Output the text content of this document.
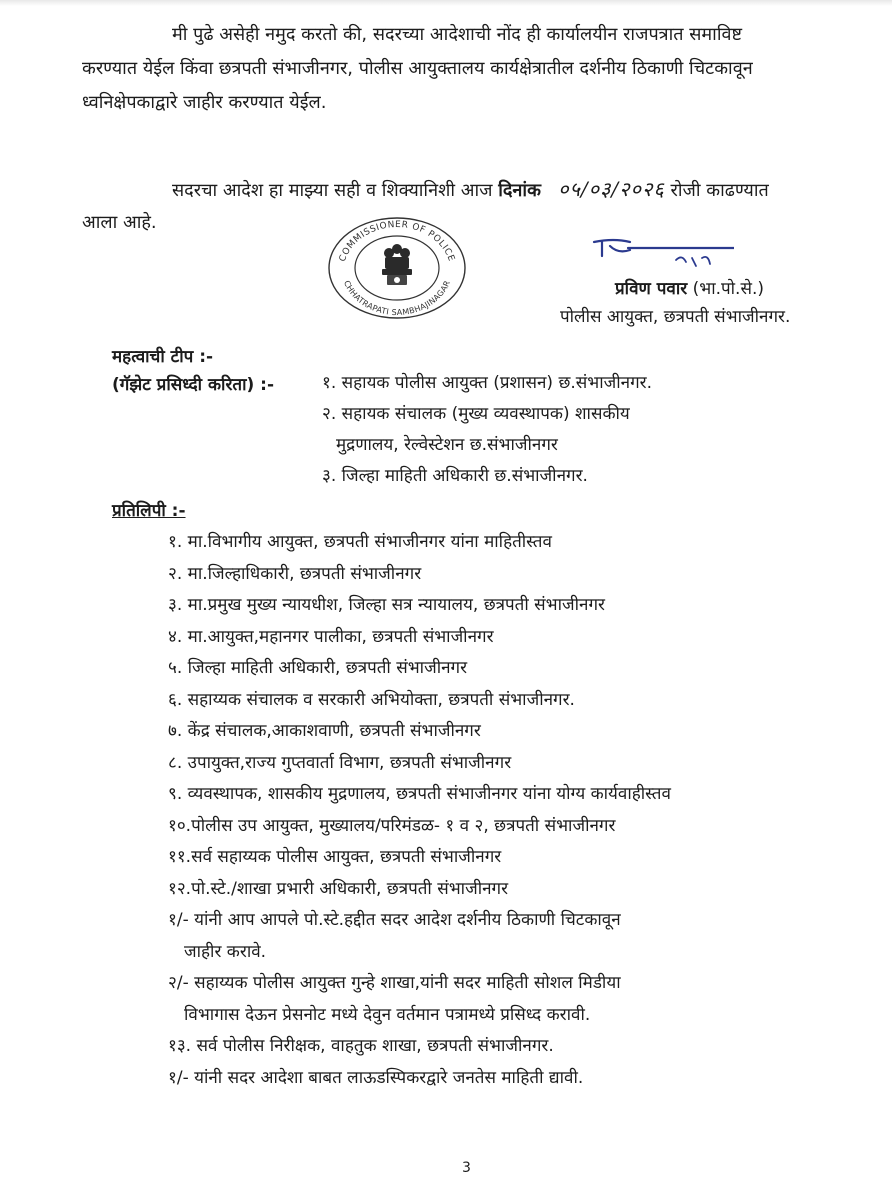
मी पुढे असेही नमुद करतो की, सदरच्या आदेशाची नोंद ही कार्यालयीन राजपत्रात समाविष्ट
करण्यात येईल किंवा छत्रपती संभाजीनगर, पोलीस आयुक्तालय कार्यक्षेत्रातील दर्शनीय ठिकाणी चिटकावून
ध्वनिक्षेपकाद्वारे जाहीर करण्यात येईल.
सदरचा आदेश हा माझ्या सही व शिक्यानिशी आज दिनांक ०५/०३/२०२६ रोजी काढण्यात
आला आहे.
COMMISSIONER OF POLICE
CHHATRAPATI SAMBHAJINAGAR	प्रविण पवार (भा.पो.से.)
पोलीस आयुक्त, छत्रपती संभाजीनगर.
महत्वाची टीप :-
(गॅझेट प्रसिध्दी करिता) :-	१. सहायक पोलीस आयुक्त (प्रशासन) छ.संभाजीनगर.
२. सहायक संचालक (मुख्य व्यवस्थापक) शासकीय
मुद्रणालय, रेल्वेस्टेशन छ.संभाजीनगर
३. जिल्हा माहिती अधिकारी छ.संभाजीनगर.
प्रतिलिपी :-
१. मा.विभागीय आयुक्त, छत्रपती संभाजीनगर यांना माहितीस्तव
२. मा.जिल्हाधिकारी, छत्रपती संभाजीनगर
३. मा.प्रमुख मुख्य न्यायधीश, जिल्हा सत्र न्यायालय, छत्रपती संभाजीनगर
४. मा.आयुक्त,महानगर पालीका, छत्रपती संभाजीनगर
५. जिल्हा माहिती अधिकारी, छत्रपती संभाजीनगर
६. सहाय्यक संचालक व सरकारी अभियोक्ता, छत्रपती संभाजीनगर.
७. केंद्र संचालक,आकाशवाणी, छत्रपती संभाजीनगर
८. उपायुक्त,राज्य गुप्तवार्ता विभाग, छत्रपती संभाजीनगर
९. व्यवस्थापक, शासकीय मुद्रणालय, छत्रपती संभाजीनगर यांना योग्य कार्यवाहीस्तव
१०.पोलीस उप आयुक्त, मुख्यालय/परिमंडळ- १ व २, छत्रपती संभाजीनगर
११.सर्व सहाय्यक पोलीस आयुक्त, छत्रपती संभाजीनगर
१२.पो.स्टे./शाखा प्रभारी अधिकारी, छत्रपती संभाजीनगर
१/- यांनी आप आपले पो.स्टे.हद्दीत सदर आदेश दर्शनीय ठिकाणी चिटकावून
जाहीर करावे.
२/- सहाय्यक पोलीस आयुक्त गुन्हे शाखा,यांनी सदर माहिती सोशल मिडीया
विभागास देऊन प्रेसनोट मध्ये देवुन वर्तमान पत्रामध्ये प्रसिध्द करावी.
१३. सर्व पोलीस निरीक्षक, वाहतुक शाखा, छत्रपती संभाजीनगर.
१/- यांनी सदर आदेशा बाबत लाऊडस्पिकरद्वारे जनतेस माहिती द्यावी.
3
